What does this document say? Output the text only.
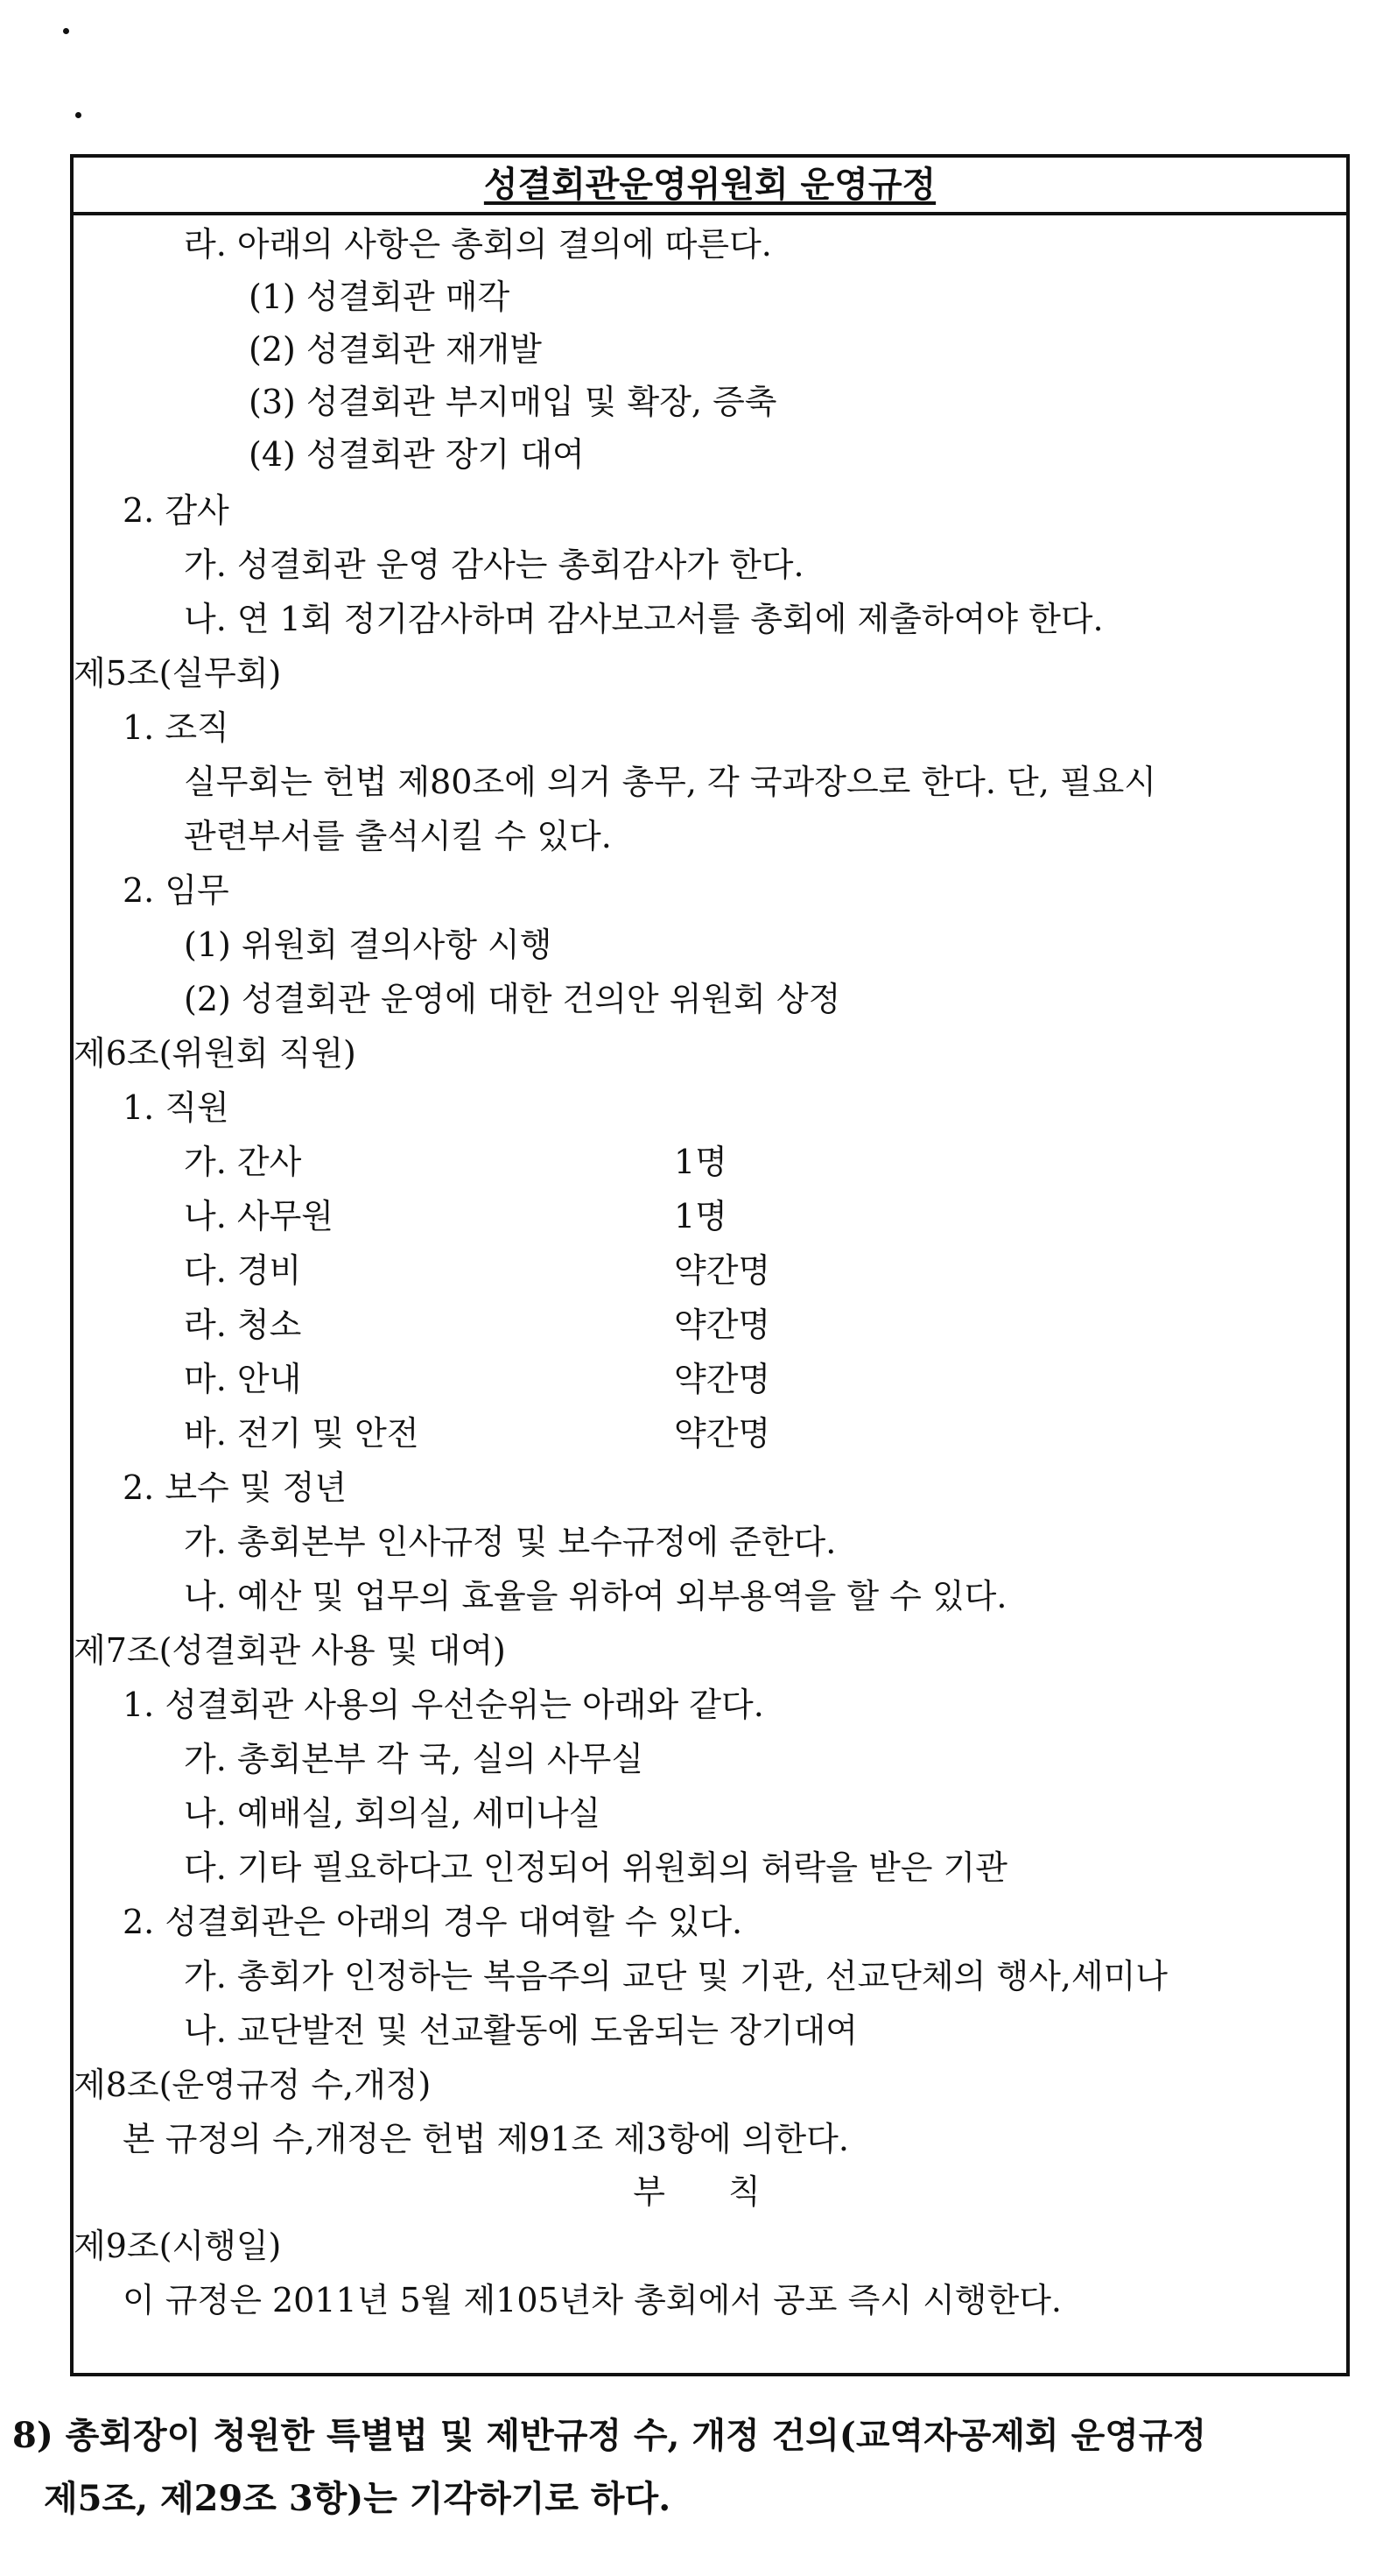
성결회관운영위원회 운영규정
라. 아래의 사항은 총회의 결의에 따른다.
(1) 성결회관 매각
(2) 성결회관 재개발
(3) 성결회관 부지매입 및 확장, 증축
(4) 성결회관 장기 대여
2. 감사
가. 성결회관 운영 감사는 총회감사가 한다.
나. 연 1회 정기감사하며 감사보고서를 총회에 제출하여야 한다.
제5조(실무회)
1. 조직
실무회는 헌법 제80조에 의거 총무, 각 국과장으로 한다. 단, 필요시
관련부서를 출석시킬 수 있다.
2. 임무
(1) 위원회 결의사항 시행
(2) 성결회관 운영에 대한 건의안 위원회 상정
제6조(위원회 직원)
1. 직원
가. 간사	1명
나. 사무원	1명
다. 경비	약간명
라. 청소	약간명
마. 안내	약간명
바. 전기 및 안전	약간명
2. 보수 및 정년
가. 총회본부 인사규정 및 보수규정에 준한다.
나. 예산 및 업무의 효율을 위하여 외부용역을 할 수 있다.
제7조(성결회관 사용 및 대여)
1. 성결회관 사용의 우선순위는 아래와 같다.
가. 총회본부 각 국, 실의 사무실
나. 예배실, 회의실, 세미나실
다. 기타 필요하다고 인정되어 위원회의 허락을 받은 기관
2. 성결회관은 아래의 경우 대여할 수 있다.
가. 총회가 인정하는 복음주의 교단 및 기관, 선교단체의 행사,세미나
나. 교단발전 및 선교활동에 도움되는 장기대여
제8조(운영규정 수,개정)
본 규정의 수,개정은 헌법 제91조 제3항에 의한다.
부 칙
제9조(시행일)
이 규정은 2011년 5월 제105년차 총회에서 공포 즉시 시행한다.
8) 총회장이 청원한 특별법 및 제반규정 수, 개정 건의(교역자공제회 운영규정
제5조, 제29조 3항)는 기각하기로 하다.
